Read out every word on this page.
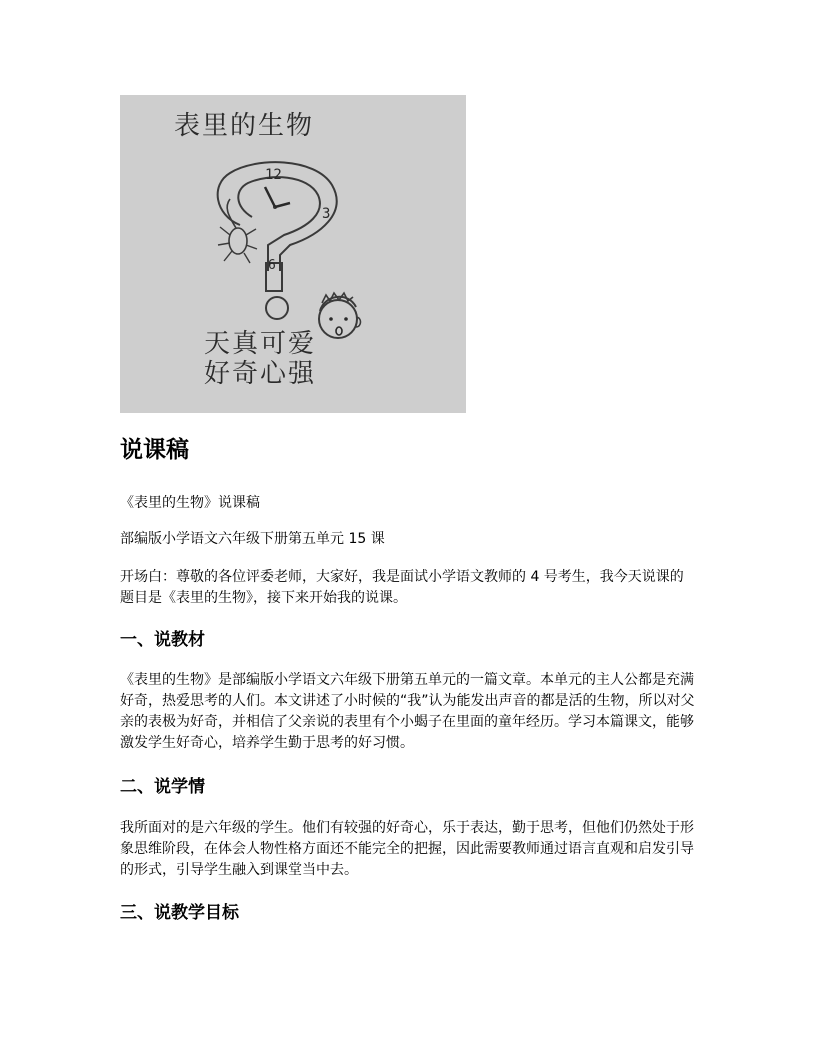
表里的生物
12
3
6
天真可爱
好奇心强
说课稿

《表里的生物》说课稿

部编版小学语文六年级下册第五单元 15 课

开场白：尊敬的各位评委老师，大家好，我是面试小学语文教师的 4 号考生，我今天说课的题目是《表里的生物》，接下来开始我的说课。

一、说教材

《表里的生物》是部编版小学语文六年级下册第五单元的一篇文章。本单元的主人公都是充满好奇，热爱思考的人们。本文讲述了小时候的“我”认为能发出声音的都是活的生物，所以对父亲的表极为好奇，并相信了父亲说的表里有个小蝎子在里面的童年经历。学习本篇课文，能够激发学生好奇心，培养学生勤于思考的好习惯。

二、说学情

我所面对的是六年级的学生。他们有较强的好奇心，乐于表达，勤于思考，但他们仍然处于形象思维阶段，在体会人物性格方面还不能完全的把握，因此需要教师通过语言直观和启发引导的形式，引导学生融入到课堂当中去。

三、说教学目标
